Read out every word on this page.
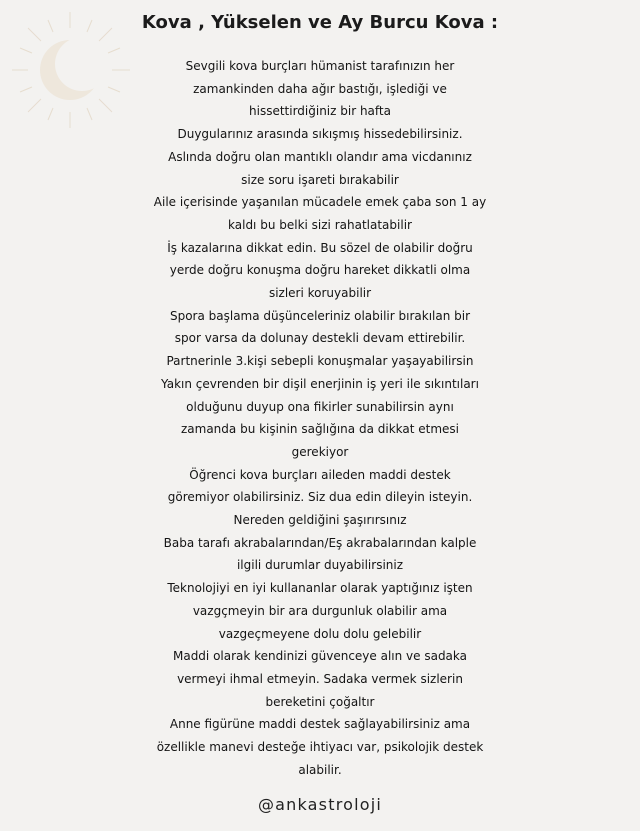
Kova , Yükselen ve Ay Burcu Kova :
Sevgili kova burçları hümanist tarafınızın her
zamankinden daha ağır bastığı, işlediği ve
hissettirdiğiniz bir hafta
Duygularınız arasında sıkışmış hissedebilirsiniz.
Aslında doğru olan mantıklı olandır ama vicdanınız
size soru işareti bırakabilir
Aile içerisinde yaşanılan mücadele emek çaba son 1 ay
kaldı bu belki sizi rahatlatabilir
İş kazalarına dikkat edin. Bu sözel de olabilir doğru
yerde doğru konuşma doğru hareket dikkatli olma
sizleri koruyabilir
Spora başlama düşünceleriniz olabilir bırakılan bir
spor varsa da dolunay destekli devam ettirebilir.
Partnerinle 3.kişi sebepli konuşmalar yaşayabilirsin
Yakın çevrenden bir dişil enerjinin iş yeri ile sıkıntıları
olduğunu duyup ona fikirler sunabilirsin aynı
zamanda bu kişinin sağlığına da dikkat etmesi
gerekiyor
Öğrenci kova burçları aileden maddi destek
göremiyor olabilirsiniz. Siz dua edin dileyin isteyin.
Nereden geldiğini şaşırırsınız
Baba tarafı akrabalarından/Eş akrabalarından kalple
ilgili durumlar duyabilirsiniz
Teknolojiyi en iyi kullananlar olarak yaptığınız işten
vazgçmeyin bir ara durgunluk olabilir ama
vazgeçmeyene dolu dolu gelebilir
Maddi olarak kendinizi güvenceye alın ve sadaka
vermeyi ihmal etmeyin. Sadaka vermek sizlerin
bereketini çoğaltır
Anne figürüne maddi destek sağlayabilirsiniz ama
özellikle manevi desteğe ihtiyacı var, psikolojik destek
alabilir.
@ankastroloji
